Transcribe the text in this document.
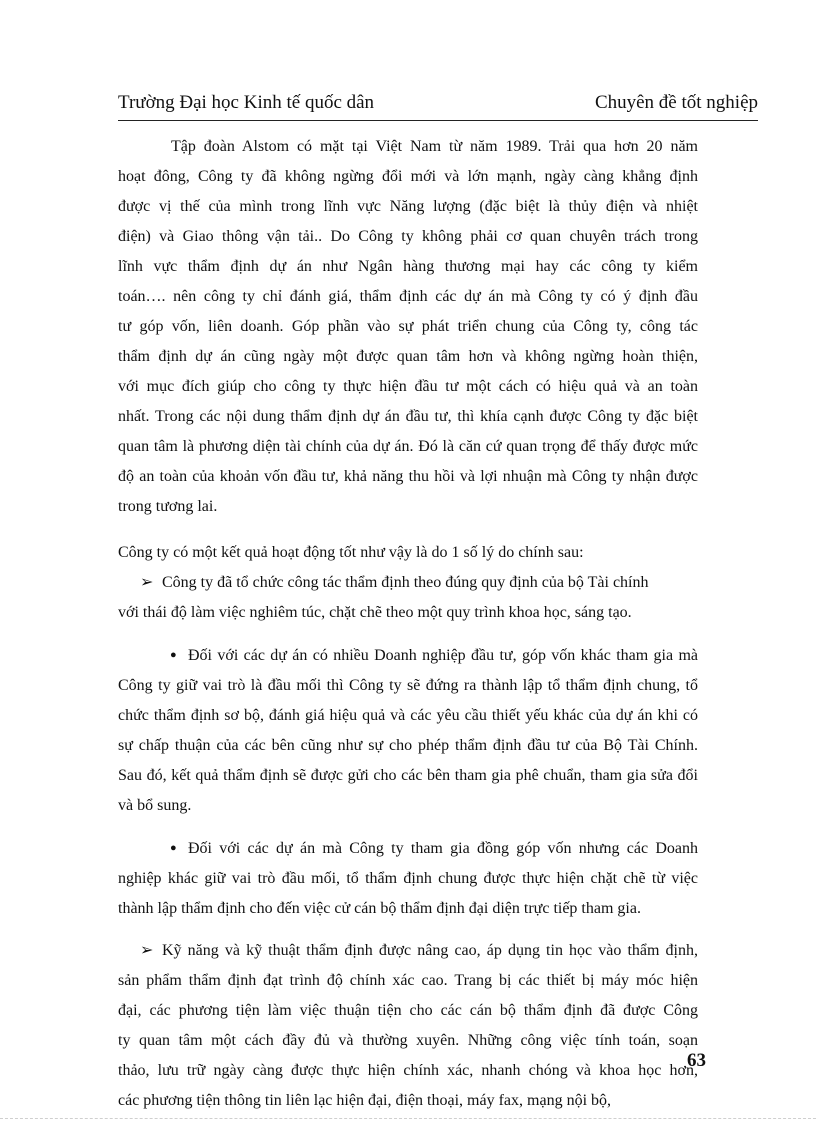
Trường Đại học Kinh tế quốc dân	Chuyên đề tốt nghiệp
Tập đoàn Alstom có mặt tại Việt Nam từ năm 1989. Trải qua hơn 20 năm
hoạt đông, Công ty đã không ngừng đổi mới và lớn mạnh, ngày càng khẳng định
được vị thế của mình trong lĩnh vực Năng lượng (đặc biệt là thủy điện và nhiệt
điện) và Giao thông vận tải.. Do Công ty không phải cơ quan chuyên trách trong
lĩnh vực thẩm định dự án như Ngân hàng thương mại hay các công ty kiểm
toán…. nên công ty chỉ đánh giá, thẩm định các dự án mà Công ty có ý định đầu
tư góp vốn, liên doanh. Góp phần vào sự phát triển chung của Công ty, công tác
thẩm định dự án cũng ngày một được quan tâm hơn và không ngừng hoàn thiện,
với mục đích giúp cho công ty thực hiện đầu tư một cách có hiệu quả và an toàn
nhất. Trong các nội dung thẩm định dự án đầu tư, thì khía cạnh được Công ty đặc biệt
quan tâm là phương diện tài chính của dự án. Đó là căn cứ quan trọng để thấy được mức
độ an toàn của khoản vốn đầu tư, khả năng thu hồi và lợi nhuận mà Công ty nhận được
trong tương lai.
Công ty có một kết quả hoạt động tốt như vậy là do 1 số lý do chính sau:
➢ Công ty đã tổ chức công tác thẩm định theo đúng quy định của bộ Tài chính
với thái độ làm việc nghiêm túc, chặt chẽ theo một quy trình khoa học, sáng tạo.
● Đối với các dự án có nhiều Doanh nghiệp đầu tư, góp vốn khác tham gia mà
Công ty giữ vai trò là đầu mối thì Công ty sẽ đứng ra thành lập tổ thẩm định chung, tổ
chức thẩm định sơ bộ, đánh giá hiệu quả và các yêu cầu thiết yếu khác của dự án khi có
sự chấp thuận của các bên cũng như sự cho phép thẩm định đầu tư của Bộ Tài Chính.
Sau đó, kết quả thẩm định sẽ được gửi cho các bên tham gia phê chuẩn, tham gia sửa đổi
và bổ sung.
● Đối với các dự án mà Công ty tham gia đồng góp vốn nhưng các Doanh
nghiệp khác giữ vai trò đầu mối, tổ thẩm định chung được thực hiện chặt chẽ từ việc
thành lập thẩm định cho đến việc cử cán bộ thẩm định đại diện trực tiếp tham gia.
➢ Kỹ năng và kỹ thuật thẩm định được nâng cao, áp dụng tin học vào thẩm định,
sản phẩm thẩm định đạt trình độ chính xác cao. Trang bị các thiết bị máy móc hiện
đại, các phương tiện làm việc thuận tiện cho các cán bộ thẩm định đã được Công
ty quan tâm một cách đầy đủ và thường xuyên. Những công việc tính toán, soạn
thảo, lưu trữ ngày càng được thực hiện chính xác, nhanh chóng và khoa học hơn,
các phương tiện thông tin liên lạc hiện đại, điện thoại, máy fax, mạng nội bộ,
63
